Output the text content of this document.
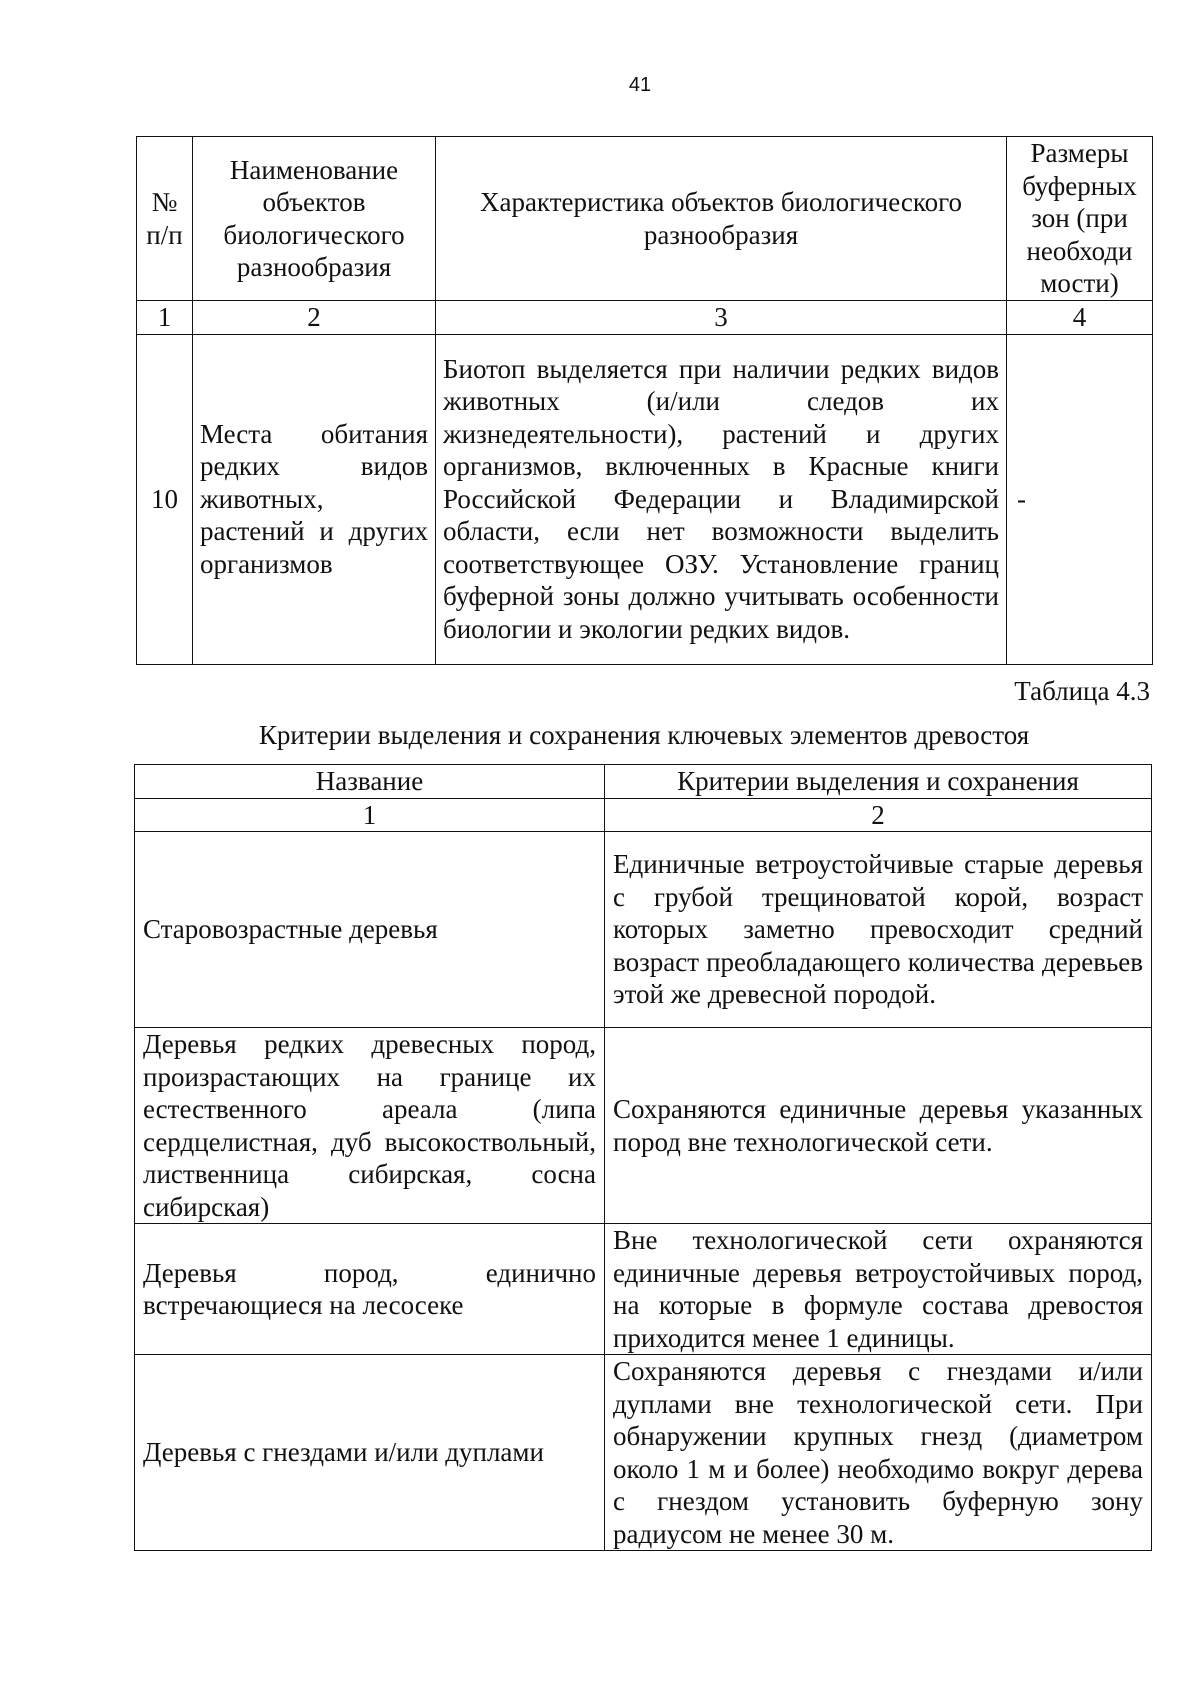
41
№ п/п	Наименование объектов биологического разнообразия	Характеристика объектов биологического разнообразия	Размеры буферных зон (при необходи мости)
1	2	3	4
10	Места обитания редких видов животных, растений и других организмов	Биотоп выделяется при наличии редких видов животных (и/или следов их жизнедеятельности), растений и других организмов, включенных в Красные книги Российской Федерации и Владимирской области, если нет возможности выделить соответствующее ОЗУ. Установление границ буферной зоны должно учитывать особенности биологии и экологии редких видов.	-
Таблица 4.3
Критерии выделения и сохранения ключевых элементов древостоя
Название	Критерии выделения и сохранения
1	2
Старовозрастные деревья	Единичные ветроустойчивые старые деревья с грубой трещиноватой корой, возраст которых заметно превосходит средний возраст преобладающего количества деревьев этой же древесной породой.
Деревья редких древесных пород, произрастающих на границе их естественного ареала (липа сердцелистная, дуб высокоствольный, лиственница сибирская, сосна сибирская)	Сохраняются единичные деревья указанных пород вне технологической сети.
Деревья пород, единично встречающиеся на лесосеке	Вне технологической сети охраняются единичные деревья ветроустойчивых пород, на которые в формуле состава древостоя приходится менее 1 единицы.
Деревья с гнездами и/или дуплами	Сохраняются деревья с гнездами и/или дуплами вне технологической сети. При обнаружении крупных гнезд (диаметром около 1 м и более) необходимо вокруг дерева с гнездом установить буферную зону радиусом не менее 30 м.
